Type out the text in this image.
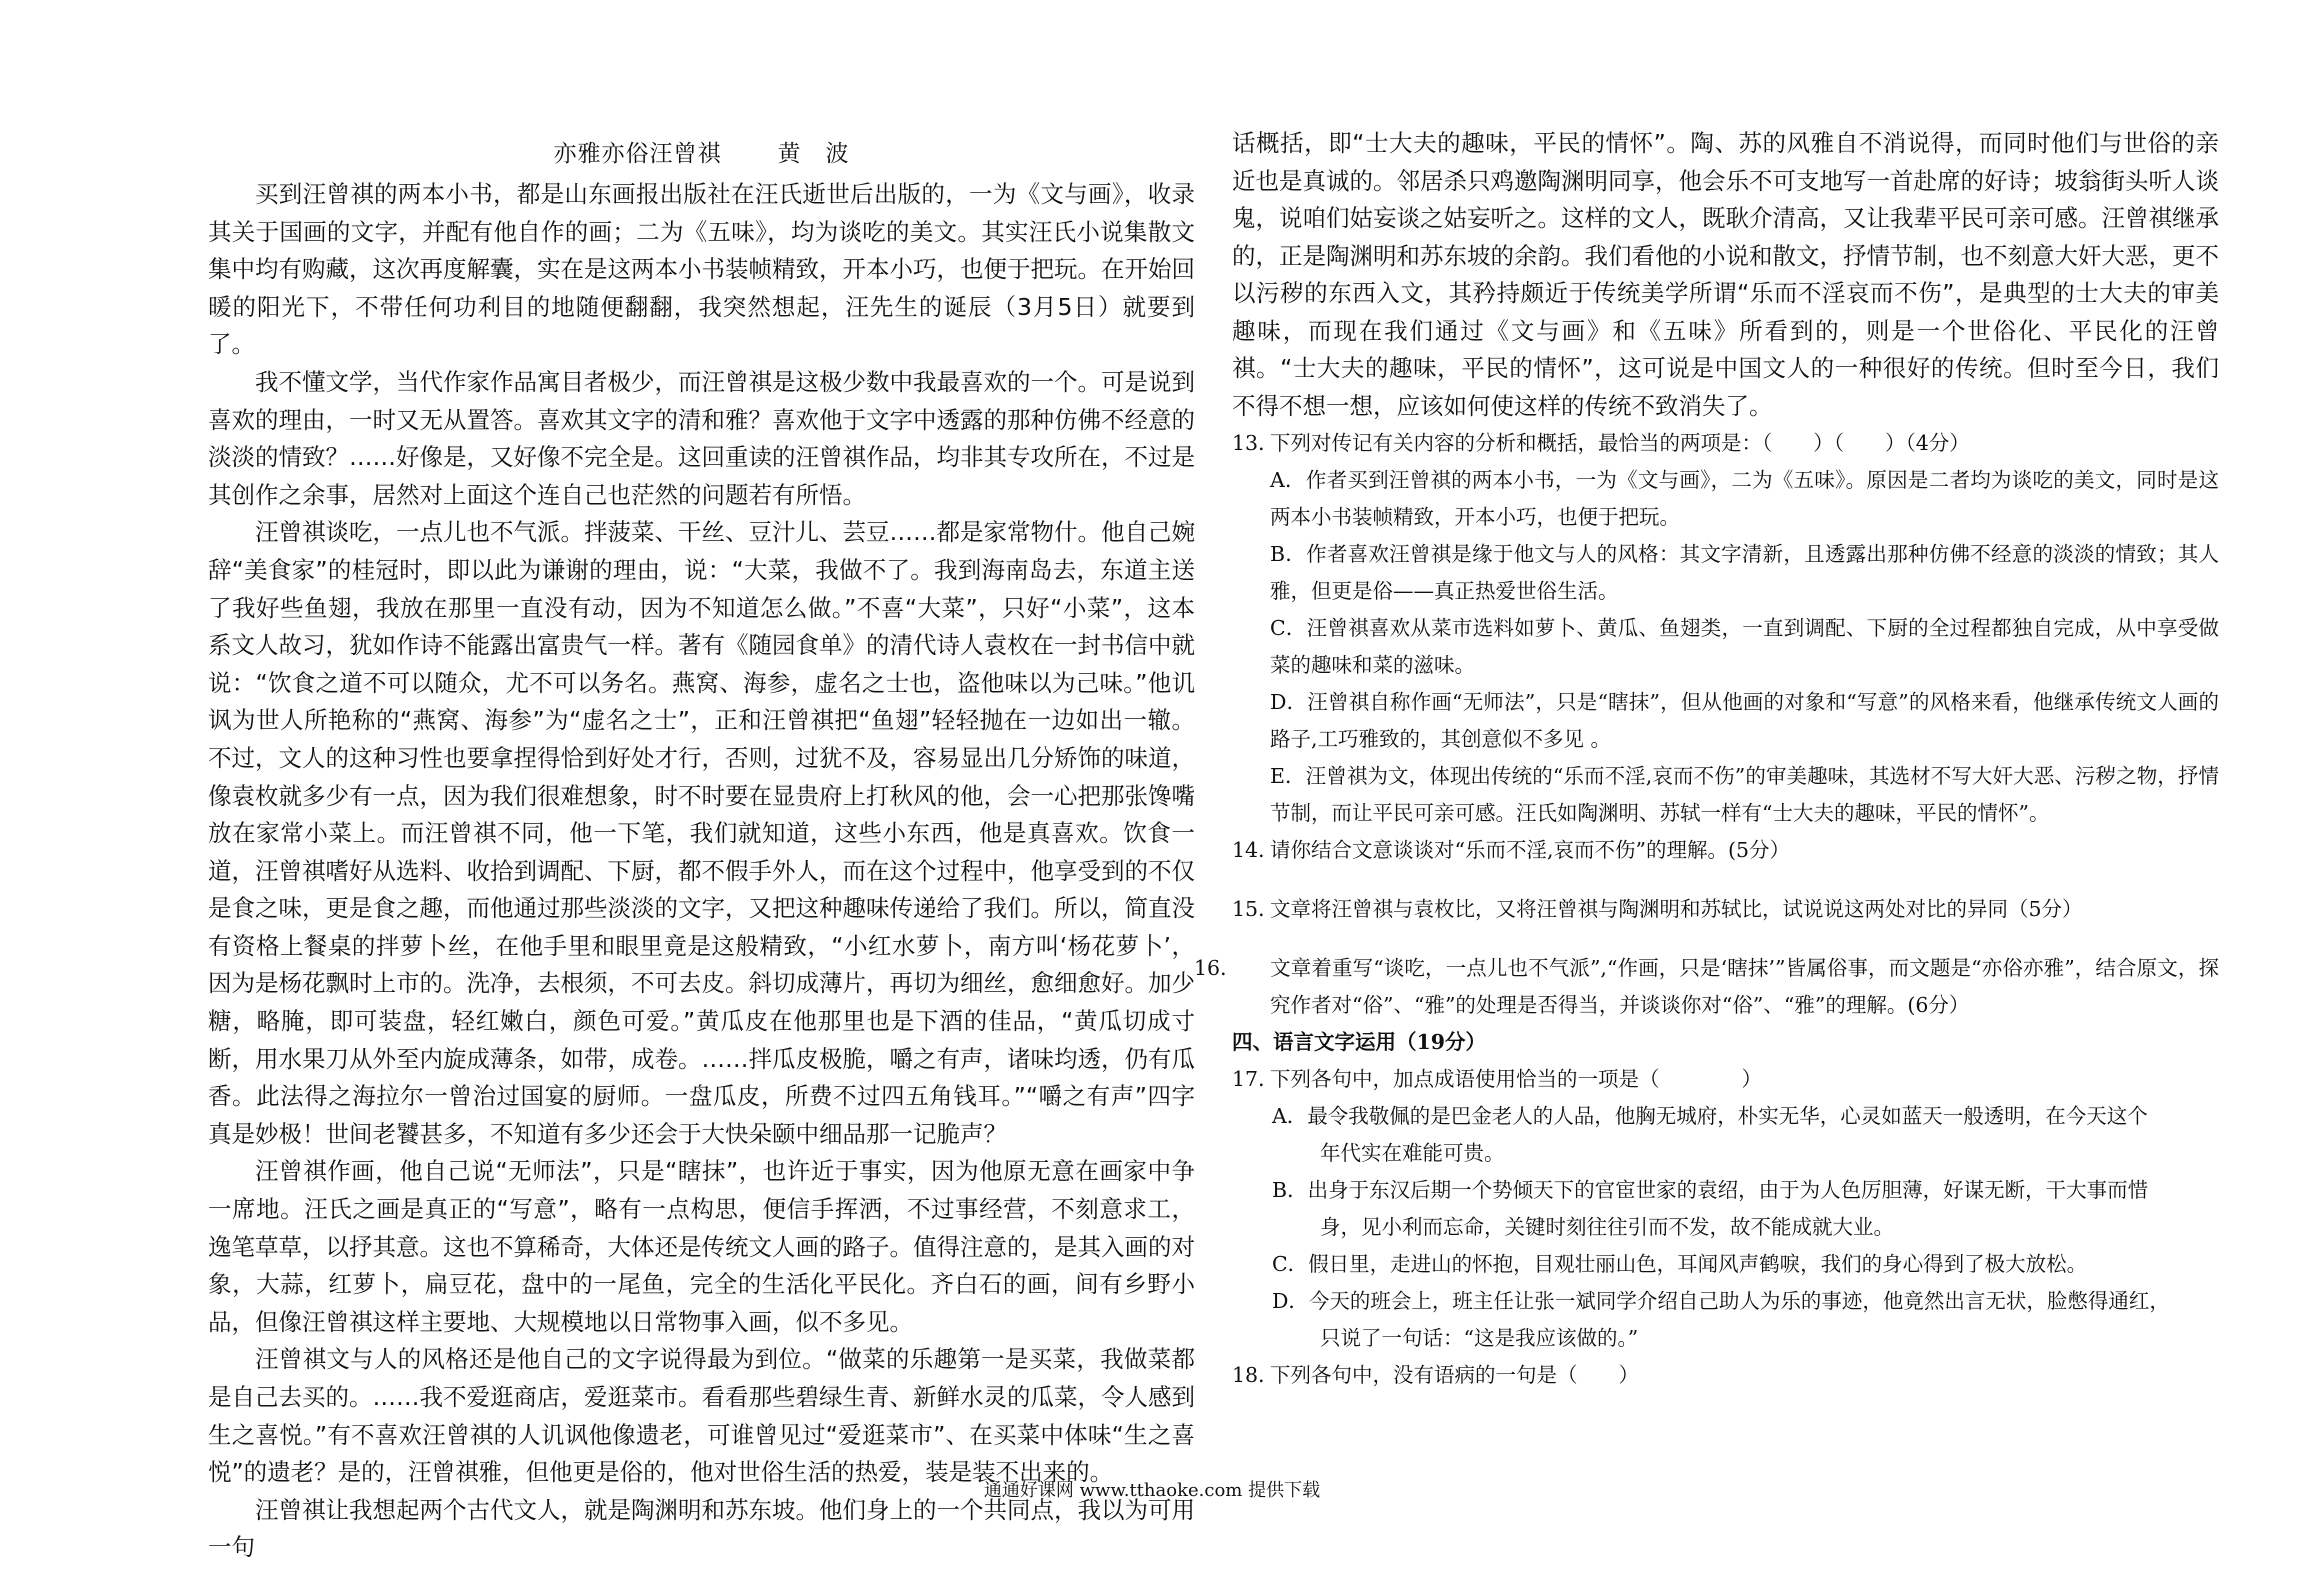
亦雅亦俗汪曾祺 黄　波

买到汪曾祺的两本小书，都是山东画报出版社在汪氏逝世后出版的，一为《文与画》，收录其关于国画的文字，并配有他自作的画；二为《五味》，均为谈吃的美文。其实汪氏小说集散文集中均有购藏，这次再度解囊，实在是这两本小书装帧精致，开本小巧，也便于把玩。在开始回暖的阳光下，不带任何功利目的地随便翻翻，我突然想起，汪先生的诞辰（3月5日）就要到了。

我不懂文学，当代作家作品寓目者极少，而汪曾祺是这极少数中我最喜欢的一个。可是说到喜欢的理由，一时又无从置答。喜欢其文字的清和雅？喜欢他于文字中透露的那种仿佛不经意的淡淡的情致？……好像是，又好像不完全是。这回重读的汪曾祺作品，均非其专攻所在，不过是其创作之余事，居然对上面这个连自己也茫然的问题若有所悟。

汪曾祺谈吃，一点儿也不气派。拌菠菜、干丝、豆汁儿、芸豆……都是家常物什。他自己婉辞“美食家”的桂冠时，即以此为谦谢的理由，说：“大菜，我做不了。我到海南岛去，东道主送了我好些鱼翅，我放在那里一直没有动，因为不知道怎么做。”不喜“大菜”，只好“小菜”，这本系文人故习，犹如作诗不能露出富贵气一样。著有《随园食单》的清代诗人袁枚在一封书信中就说：“饮食之道不可以随众，尤不可以务名。燕窝、海参，虚名之士也，盗他味以为己味。”他讥讽为世人所艳称的“燕窝、海参”为“虚名之士”，正和汪曾祺把“鱼翅”轻轻抛在一边如出一辙。不过，文人的这种习性也要拿捏得恰到好处才行，否则，过犹不及，容易显出几分矫饰的味道，像袁枚就多少有一点，因为我们很难想象，时不时要在显贵府上打秋风的他，会一心把那张馋嘴放在家常小菜上。而汪曾祺不同，他一下笔，我们就知道，这些小东西，他是真喜欢。饮食一道，汪曾祺嗜好从选料、收拾到调配、下厨，都不假手外人，而在这个过程中，他享受到的不仅是食之味，更是食之趣，而他通过那些淡淡的文字，又把这种趣味传递给了我们。所以，简直没有资格上餐桌的拌萝卜丝，在他手里和眼里竟是这般精致，“小红水萝卜，南方叫‘杨花萝卜’，因为是杨花飘时上市的。洗净，去根须，不可去皮。斜切成薄片，再切为细丝，愈细愈好。加少糖，略腌，即可装盘，轻红嫩白，颜色可爱。”黄瓜皮在他那里也是下酒的佳品，“黄瓜切成寸断，用水果刀从外至内旋成薄条，如带，成卷。……拌瓜皮极脆，嚼之有声，诸味均透，仍有瓜香。此法得之海拉尔一曾治过国宴的厨师。一盘瓜皮，所费不过四五角钱耳。”“嚼之有声”四字真是妙极！世间老饕甚多，不知道有多少还会于大快朵颐中细品那一记脆声？

汪曾祺作画，他自己说“无师法”，只是“瞎抹”，也许近于事实，因为他原无意在画家中争一席地。汪氏之画是真正的“写意”，略有一点构思，便信手挥洒，不过事经营，不刻意求工，逸笔草草，以抒其意。这也不算稀奇，大体还是传统文人画的路子。值得注意的，是其入画的对象，大蒜，红萝卜，扁豆花，盘中的一尾鱼，完全的生活化平民化。齐白石的画，间有乡野小品，但像汪曾祺这样主要地、大规模地以日常物事入画，似不多见。

汪曾祺文与人的风格还是他自己的文字说得最为到位。“做菜的乐趣第一是买菜，我做菜都是自己去买的。……我不爱逛商店，爱逛菜市。看看那些碧绿生青、新鲜水灵的瓜菜，令人感到生之喜悦。”有不喜欢汪曾祺的人讥讽他像遗老，可谁曾见过“爱逛菜市”、在买菜中体味“生之喜悦”的遗老？是的，汪曾祺雅，但他更是俗的，他对世俗生活的热爱，装是装不出来的。

汪曾祺让我想起两个古代文人，就是陶渊明和苏东坡。他们身上的一个共同点，我以为可用一句

话概括，即“士大夫的趣味，平民的情怀”。陶、苏的风雅自不消说得，而同时他们与世俗的亲近也是真诚的。邻居杀只鸡邀陶渊明同享，他会乐不可支地写一首赴席的好诗；坡翁街头听人谈鬼，说咱们姑妄谈之姑妄听之。这样的文人，既耿介清高，又让我辈平民可亲可感。汪曾祺继承的，正是陶渊明和苏东坡的余韵。我们看他的小说和散文，抒情节制，也不刻意大奸大恶，更不以污秽的东西入文，其矜持颇近于传统美学所谓“乐而不淫哀而不伤”，是典型的士大夫的审美趣味，而现在我们通过《文与画》和《五味》所看到的，则是一个世俗化、平民化的汪曾祺。“士大夫的趣味，平民的情怀”，这可说是中国文人的一种很好的传统。但时至今日，我们不得不想一想，应该如何使这样的传统不致消失了。

13．下列对传记有关内容的分析和概括，最恰当的两项是：（　　）（　　）（4分）

A．作者买到汪曾祺的两本小书，一为《文与画》，二为《五味》。原因是二者均为谈吃的美文，同时是这两本小书装帧精致，开本小巧，也便于把玩。

B．作者喜欢汪曾祺是缘于他文与人的风格：其文字清新，且透露出那种仿佛不经意的淡淡的情致；其人雅，但更是俗——真正热爱世俗生活。

C．汪曾祺喜欢从菜市选料如萝卜、黄瓜、鱼翅类，一直到调配、下厨的全过程都独自完成，从中享受做菜的趣味和菜的滋味。

D．汪曾祺自称作画“无师法”，只是“瞎抹”，但从他画的对象和“写意”的风格来看，他继承传统文人画的路子,工巧雅致的，其创意似不多见 。

E．汪曾祺为文，体现出传统的“乐而不淫,哀而不伤”的审美趣味，其选材不写大奸大恶、污秽之物，抒情节制，而让平民可亲可感。汪氏如陶渊明、苏轼一样有“士大夫的趣味，平民的情怀”。

14．请你结合文意谈谈对“乐而不淫,哀而不伤”的理解。(5分）

15．文章将汪曾祺与袁枚比，又将汪曾祺与陶渊明和苏轼比，试说说这两处对比的异同（5分）

16． 文章着重写“谈吃，一点儿也不气派”,“作画，只是‘瞎抹’”皆属俗事，而文题是“亦俗亦雅”，结合原文，探究作者对“俗”、“雅”的处理是否得当，并谈谈你对“俗”、“雅”的理解。(6分）

四、语言文字运用（19分）

17．下列各句中，加点成语使用恰当的一项是（　　　　）

A．最令我敬佩的是巴金老人的人品，他胸无城府，朴实无华，心灵如蓝天一般透明，在今天这个
年代实在难能可贵。

B．出身于东汉后期一个势倾天下的官宦世家的袁绍，由于为人色厉胆薄，好谋无断，干大事而惜
身，见小利而忘命，关键时刻往往引而不发，故不能成就大业。

C．假日里，走进山的怀抱，目观壮丽山色，耳闻风声鹤唳，我们的身心得到了极大放松。

D．今天的班会上，班主任让张一斌同学介绍自己助人为乐的事迹，他竟然出言无状，脸憋得通红，
只说了一句话：“这是我应该做的。”

18．下列各句中，没有语病的一句是（　　）

通通好课网 www.tthaoke.com 提供下载
